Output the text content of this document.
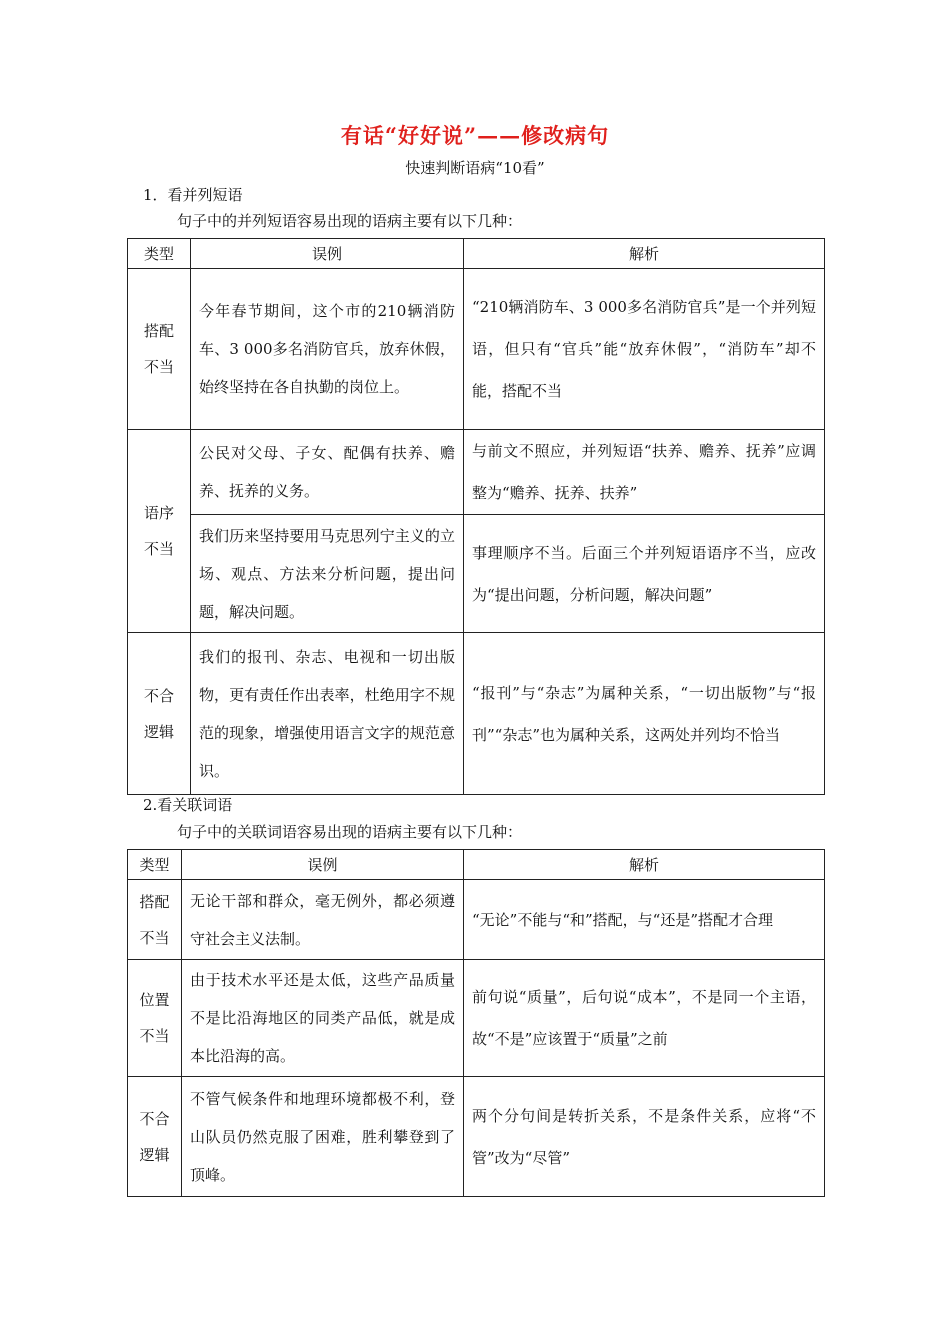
有话“好好说”——修改病句
快速判断语病“10看”
1．看并列短语
句子中的并列短语容易出现的语病主要有以下几种：
类型	误例	解析

搭配不当	今年春节期间，这个市的210辆消防车、3 000多名消防官兵，放弃休假，始终坚持在各自执勤的岗位上。	“210辆消防车、3 000多名消防官兵”是一个并列短语，但只有“官兵”能“放弃休假”，“消防车”却不能，搭配不当

语序不当	公民对父母、子女、配偶有扶养、赡养、抚养的义务。	与前文不照应，并列短语“扶养、赡养、抚养”应调整为“赡养、抚养、扶养”
	我们历来坚持要用马克思列宁主义的立场、观点、方法来分析问题，提出问题，解决问题。	事理顺序不当。后面三个并列短语语序不当，应改为“提出问题，分析问题，解决问题”

不合逻辑	我们的报刊、杂志、电视和一切出版物，更有责任作出表率，杜绝用字不规范的现象，增强使用语言文字的规范意识。	“报刊”与“杂志”为属种关系，“一切出版物”与“报刊”“杂志”也为属种关系，这两处并列均不恰当
2.看关联词语
句子中的关联词语容易出现的语病主要有以下几种：
类型	误例	解析

搭配不当	无论干部和群众，毫无例外，都必须遵守社会主义法制。	“无论”不能与“和”搭配，与“还是”搭配才合理

位置不当	由于技术水平还是太低，这些产品质量不是比沿海地区的同类产品低，就是成本比沿海的高。	前句说“质量”，后句说“成本”，不是同一个主语，故“不是”应该置于“质量”之前

不合逻辑	不管气候条件和地理环境都极不利，登山队员仍然克服了困难，胜利攀登到了顶峰。	两个分句间是转折关系，不是条件关系，应将“不管”改为“尽管”
